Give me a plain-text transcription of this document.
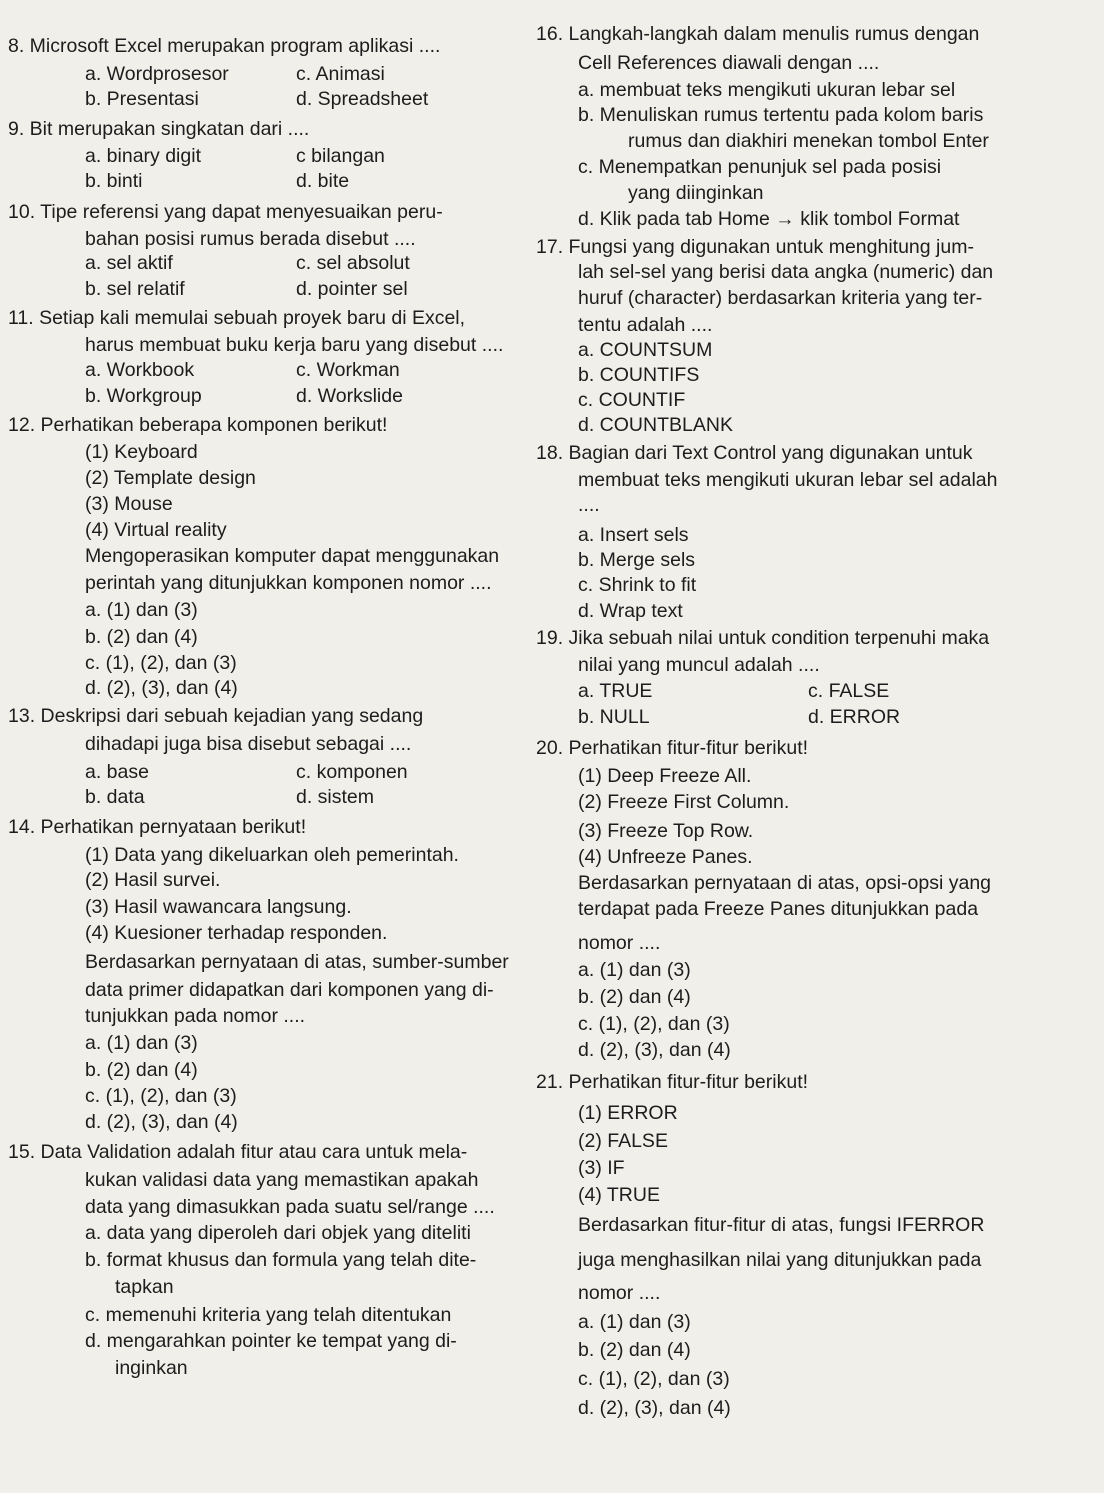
8. Microsoft Excel merupakan program aplikasi ....
a. Wordprosesor	c. Animasi
b. Presentasi	d. Spreadsheet
9. Bit merupakan singkatan dari ....
a. binary digit	c bilangan
b. binti	d. bite
10. Tipe referensi yang dapat menyesuaikan peru-
bahan posisi rumus berada disebut ....
a. sel aktif	c. sel absolut
b. sel relatif	d. pointer sel
11. Setiap kali memulai sebuah proyek baru di Excel,
harus membuat buku kerja baru yang disebut ....
a. Workbook	c. Workman
b. Workgroup	d. Workslide
12. Perhatikan beberapa komponen berikut!
(1) Keyboard
(2) Template design
(3) Mouse
(4) Virtual reality
Mengoperasikan komputer dapat menggunakan
perintah yang ditunjukkan komponen nomor ....
a. (1) dan (3)
b. (2) dan (4)
c. (1), (2), dan (3)
d. (2), (3), dan (4)
13. Deskripsi dari sebuah kejadian yang sedang
dihadapi juga bisa disebut sebagai ....
a. base	c. komponen
b. data	d. sistem
14. Perhatikan pernyataan berikut!
(1) Data yang dikeluarkan oleh pemerintah.
(2) Hasil survei.
(3) Hasil wawancara langsung.
(4) Kuesioner terhadap responden.
Berdasarkan pernyataan di atas, sumber-sumber
data primer didapatkan dari komponen yang di-
tunjukkan pada nomor ....
a. (1) dan (3)
b. (2) dan (4)
c. (1), (2), dan (3)
d. (2), (3), dan (4)
15. Data Validation adalah fitur atau cara untuk mela-
kukan validasi data yang memastikan apakah
data yang dimasukkan pada suatu sel/range ....
a. data yang diperoleh dari objek yang diteliti
b. format khusus dan formula yang telah dite-
tapkan
c. memenuhi kriteria yang telah ditentukan
d. mengarahkan pointer ke tempat yang di-
inginkan
16. Langkah-langkah dalam menulis rumus dengan
Cell References diawali dengan ....
a. membuat teks mengikuti ukuran lebar sel
b. Menuliskan rumus tertentu pada kolom baris
rumus dan diakhiri menekan tombol Enter
c. Menempatkan penunjuk sel pada posisi
yang diinginkan
d. Klik pada tab Home → klik tombol Format
17. Fungsi yang digunakan untuk menghitung jum-
lah sel-sel yang berisi data angka (numeric) dan
huruf (character) berdasarkan kriteria yang ter-
tentu adalah ....
a. COUNTSUM
b. COUNTIFS
c. COUNTIF
d. COUNTBLANK
18. Bagian dari Text Control yang digunakan untuk
membuat teks mengikuti ukuran lebar sel adalah
....
a. Insert sels
b. Merge sels
c. Shrink to fit
d. Wrap text
19. Jika sebuah nilai untuk condition terpenuhi maka
nilai yang muncul adalah ....
a. TRUE	c. FALSE
b. NULL	d. ERROR
20. Perhatikan fitur-fitur berikut!
(1) Deep Freeze All.
(2) Freeze First Column.
(3) Freeze Top Row.
(4) Unfreeze Panes.
Berdasarkan pernyataan di atas, opsi-opsi yang
terdapat pada Freeze Panes ditunjukkan pada
nomor ....
a. (1) dan (3)
b. (2) dan (4)
c. (1), (2), dan (3)
d. (2), (3), dan (4)
21. Perhatikan fitur-fitur berikut!
(1) ERROR
(2) FALSE
(3) IF
(4) TRUE
Berdasarkan fitur-fitur di atas, fungsi IFERROR
juga menghasilkan nilai yang ditunjukkan pada
nomor ....
a. (1) dan (3)
b. (2) dan (4)
c. (1), (2), dan (3)
d. (2), (3), dan (4)
